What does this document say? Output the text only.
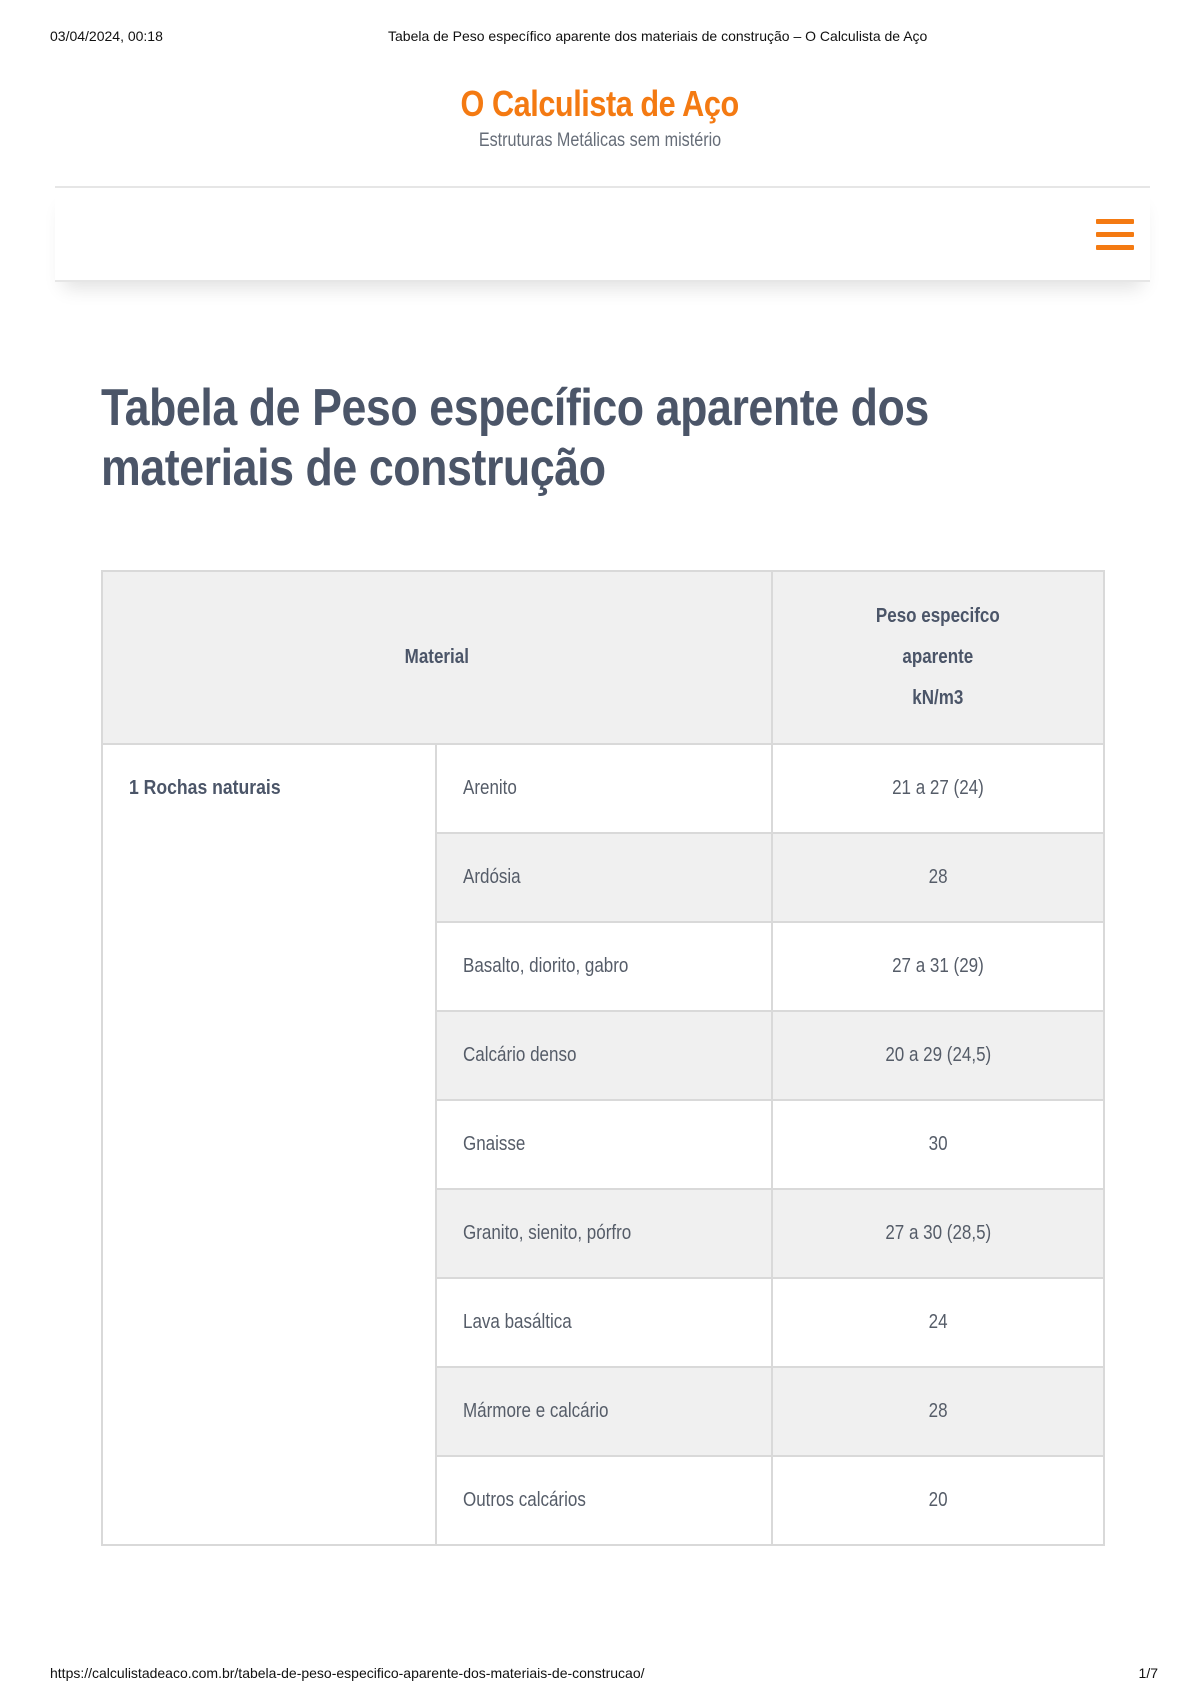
03/04/2024, 00:18	Tabela de Peso específico aparente dos materiais de construção – O Calculista de Aço
O Calculista de Aço
Estruturas Metálicas sem mistério
Tabela de Peso específico aparente dos materiais de construção
Material		Peso especifco
aparente
kN/m3
1 Rochas naturais	Arenito	21 a 27 (24)
	Ardósia	28
	Basalto, diorito, gabro	27 a 31 (29)
	Calcário denso	20 a 29 (24,5)
	Gnaisse	30
	Granito, sienito, pórfro	27 a 30 (28,5)
	Lava basáltica	24
	Mármore e calcário	28
	Outros calcários	20
https://calculistadeaco.com.br/tabela-de-peso-especifico-aparente-dos-materiais-de-construcao/	1/7
